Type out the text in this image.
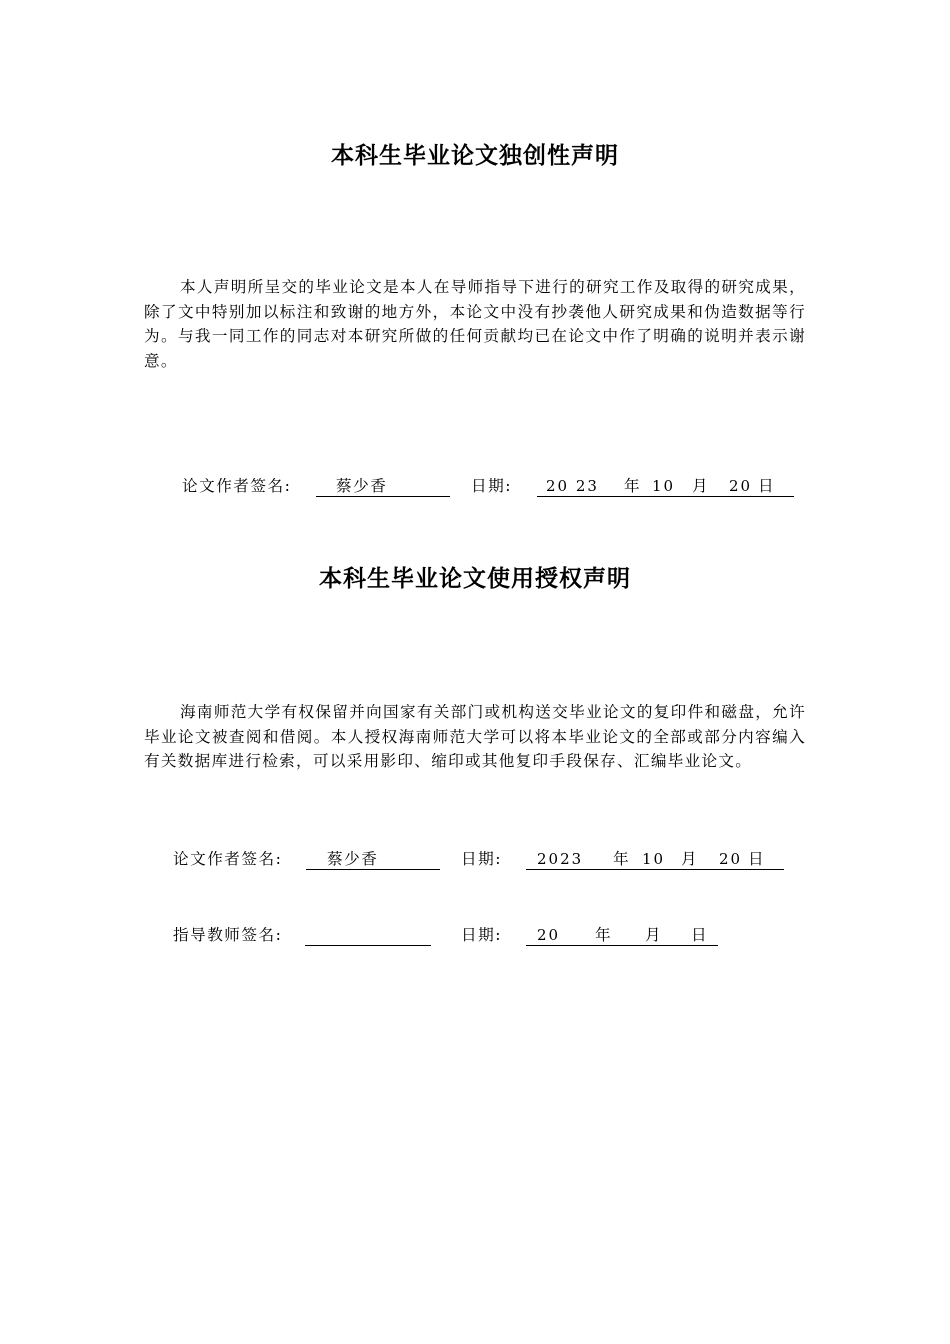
本科生毕业论文独创性声明

本人声明所呈交的毕业论文是本人在导师指导下进行的研究工作及取得的研究成果，除了文中特别加以标注和致谢的地方外，本论文中没有抄袭他人研究成果和伪造数据等行为。与我一同工作的同志对本研究所做的任何贡献均已在论文中作了明确的说明并表示谢意。

论文作者签名:	蔡少香	日期: 20 23 年 10 月 20 日
本科生毕业论文使用授权声明

海南师范大学有权保留并向国家有关部门或机构送交毕业论文的复印件和磁盘，允许毕业论文被查阅和借阅。本人授权海南师范大学可以将本毕业论文的全部或部分内容编入有关数据库进行检索，可以采用影印、缩印或其他复印手段保存、汇编毕业论文。

论文作者签名:	蔡少香	日期: 2023 年 10 月 20 日
指导教师签名:	日期: 20 年 月 日
